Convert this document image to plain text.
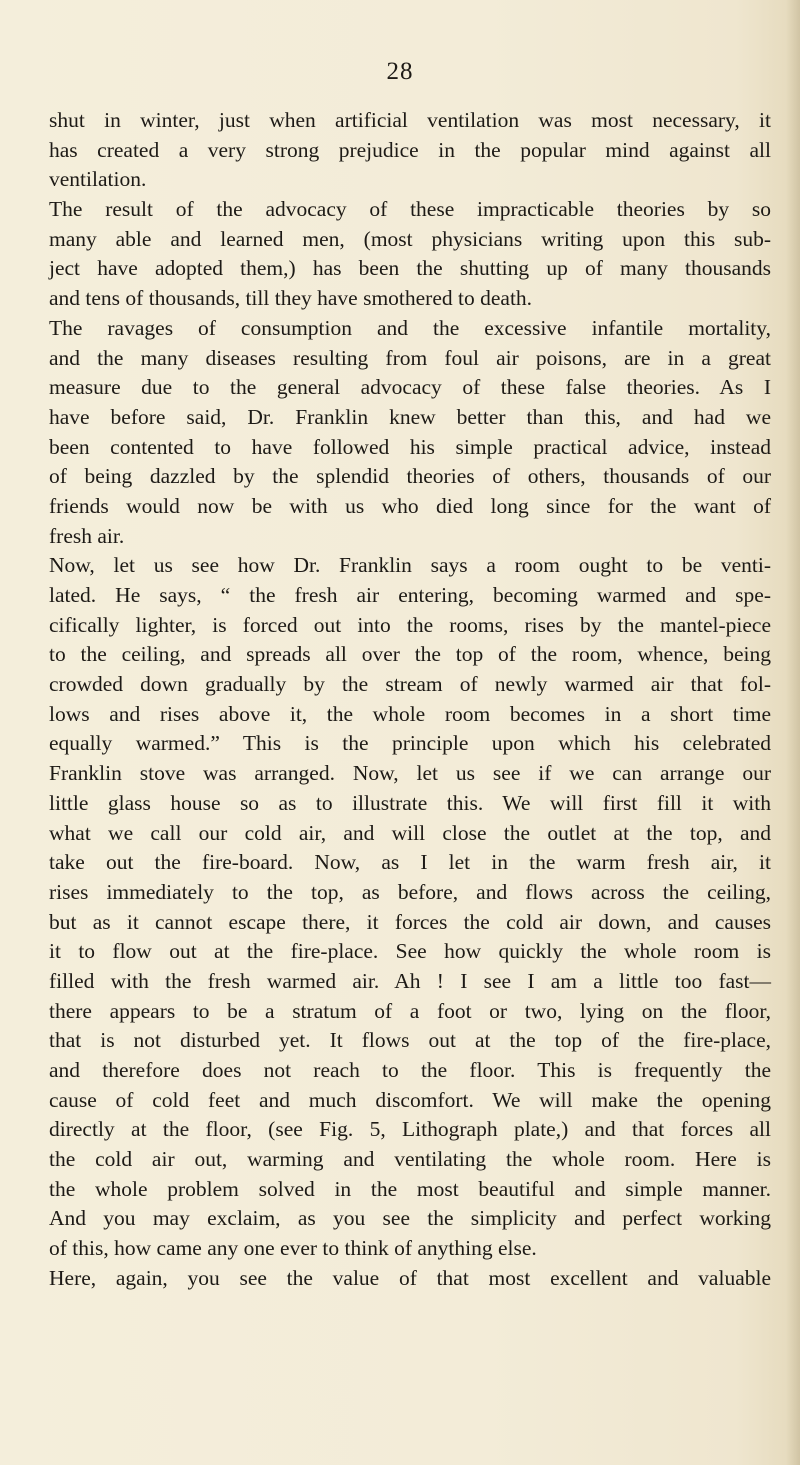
28
shut in winter, just when artificial ventilation was most necessary, it
has created a very strong prejudice in the popular mind against all
ventilation.
The result of the advocacy of these impracticable theories by so
many able and learned men, (most physicians writing upon this sub-
ject have adopted them,) has been the shutting up of many thousands
and tens of thousands, till they have smothered to death.
The ravages of consumption and the excessive infantile mortality,
and the many diseases resulting from foul air poisons, are in a great
measure due to the general advocacy of these false theories. As I
have before said, Dr. Franklin knew better than this, and had we
been contented to have followed his simple practical advice, instead
of being dazzled by the splendid theories of others, thousands of our
friends would now be with us who died long since for the want of
fresh air.
Now, let us see how Dr. Franklin says a room ought to be venti-
lated. He says, “ the fresh air entering, becoming warmed and spe-
cifically lighter, is forced out into the rooms, rises by the mantel-piece
to the ceiling, and spreads all over the top of the room, whence, being
crowded down gradually by the stream of newly warmed air that fol-
lows and rises above it, the whole room becomes in a short time
equally warmed.” This is the principle upon which his celebrated
Franklin stove was arranged. Now, let us see if we can arrange our
little glass house so as to illustrate this. We will first fill it with
what we call our cold air, and will close the outlet at the top, and
take out the fire-board. Now, as I let in the warm fresh air, it
rises immediately to the top, as before, and flows across the ceiling,
but as it cannot escape there, it forces the cold air down, and causes
it to flow out at the fire-place. See how quickly the whole room is
filled with the fresh warmed air. Ah ! I see I am a little too fast—
there appears to be a stratum of a foot or two, lying on the floor,
that is not disturbed yet. It flows out at the top of the fire-place,
and therefore does not reach to the floor. This is frequently the
cause of cold feet and much discomfort. We will make the opening
directly at the floor, (see Fig. 5, Lithograph plate,) and that forces all
the cold air out, warming and ventilating the whole room. Here is
the whole problem solved in the most beautiful and simple manner.
And you may exclaim, as you see the simplicity and perfect working
of this, how came any one ever to think of anything else.
Here, again, you see the value of that most excellent and valuable
